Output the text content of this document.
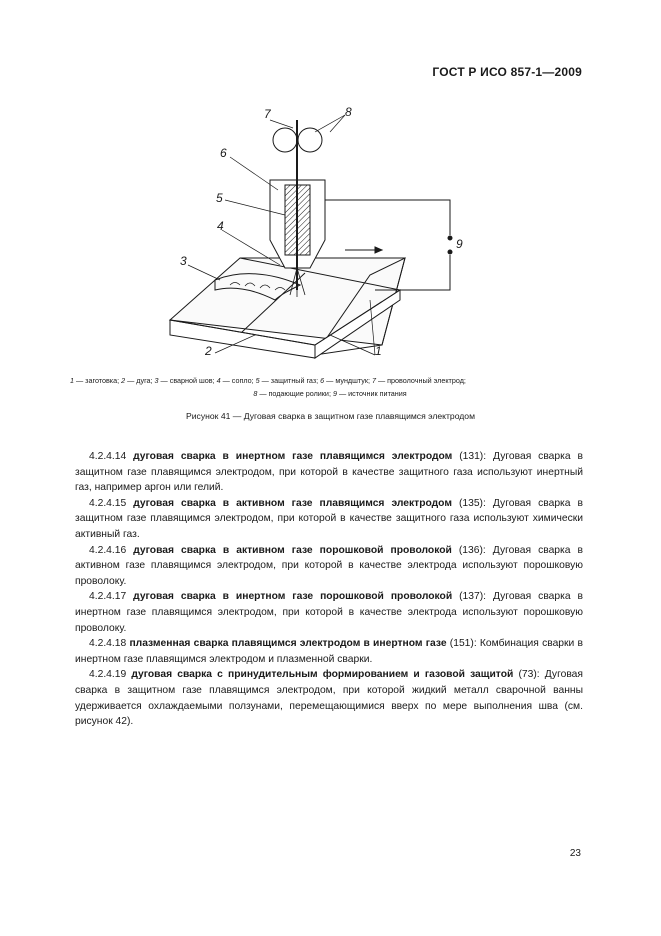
ГОСТ Р ИСО 857-1—2009
7	8
6
5
4
3
9
2	1
1 — заготовка; 2 — дуга; 3 — сварной шов; 4 — сопло; 5 — защитный газ; 6 — мундштук; 7 — проволочный электрод;
8 — подающие ролики; 9 — источник питания
Рисунок 41 — Дуговая сварка в защитном газе плавящимся электродом

4.2.4.14 дуговая сварка в инертном газе плавящимся электродом (131): Дуговая сварка в защитном газе плавящимся электродом, при которой в качестве защитного газа используют инертный газ, например аргон или гелий.

4.2.4.15 дуговая сварка в активном газе плавящимся электродом (135): Дуговая сварка в защитном газе плавящимся электродом, при которой в качестве защитного газа используют химически активный газ.

4.2.4.16 дуговая сварка в активном газе порошковой проволокой (136): Дуговая сварка в активном газе плавящимся электродом, при которой в качестве электрода используют порошковую проволоку.

4.2.4.17 дуговая сварка в инертном газе порошковой проволокой (137): Дуговая сварка в инертном газе плавящимся электродом, при которой в качестве электрода используют порошковую проволоку.

4.2.4.18 плазменная сварка плавящимся электродом в инертном газе (151): Комбинация сварки в инертном газе плавящимся электродом и плазменной сварки.

4.2.4.19 дуговая сварка с принудительным формированием и газовой защитой (73): Дуговая сварка в защитном газе плавящимся электродом, при которой жидкий металл сварочной ванны удерживается охлаждаемыми ползунами, перемещающимися вверх по мере выполнения шва (см. рисунок 42).

23
